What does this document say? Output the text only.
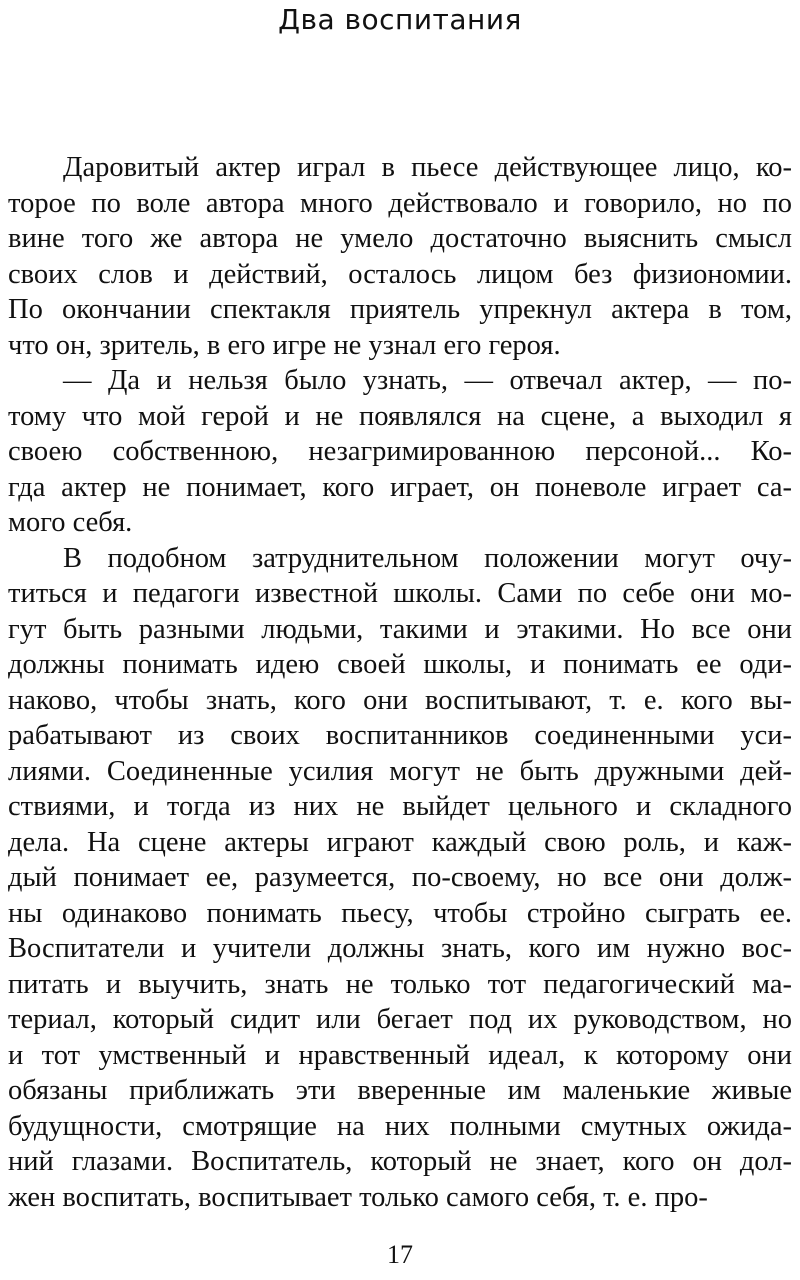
Два воспитания
Даровитый актер играл в пьесе действующее лицо, ко-
торое по воле автора много действовало и говорило, но по
вине того же автора не умело достаточно выяснить смысл
своих слов и действий, осталось лицом без физиономии.
По окончании спектакля приятель упрекнул актера в том,
что он, зритель, в его игре не узнал его героя.
— Да и нельзя было узнать, — отвечал актер, — по-
тому что мой герой и не появлялся на сцене, а выходил я
своею собственною, незагримированною персоной... Ко-
гда актер не понимает, кого играет, он поневоле играет са-
мого себя.
В подобном затруднительном положении могут очу-
титься и педагоги известной школы. Сами по себе они мо-
гут быть разными людьми, такими и этакими. Но все они
должны понимать идею своей школы, и понимать ее оди-
наково, чтобы знать, кого они воспитывают, т. е. кого вы-
рабатывают из своих воспитанников соединенными уси-
лиями. Соединенные усилия могут не быть дружными дей-
ствиями, и тогда из них не выйдет цельного и складного
дела. На сцене актеры играют каждый свою роль, и каж-
дый понимает ее, разумеется, по-своему, но все они долж-
ны одинаково понимать пьесу, чтобы стройно сыграть ее.
Воспитатели и учители должны знать, кого им нужно вос-
питать и выучить, знать не только тот педагогический ма-
териал, который сидит или бегает под их руководством, но
и тот умственный и нравственный идеал, к которому они
обязаны приближать эти вверенные им маленькие живые
будущности, смотрящие на них полными смутных ожида-
ний глазами. Воспитатель, который не знает, кого он дол-
жен воспитать, воспитывает только самого себя, т. е. про-
17
